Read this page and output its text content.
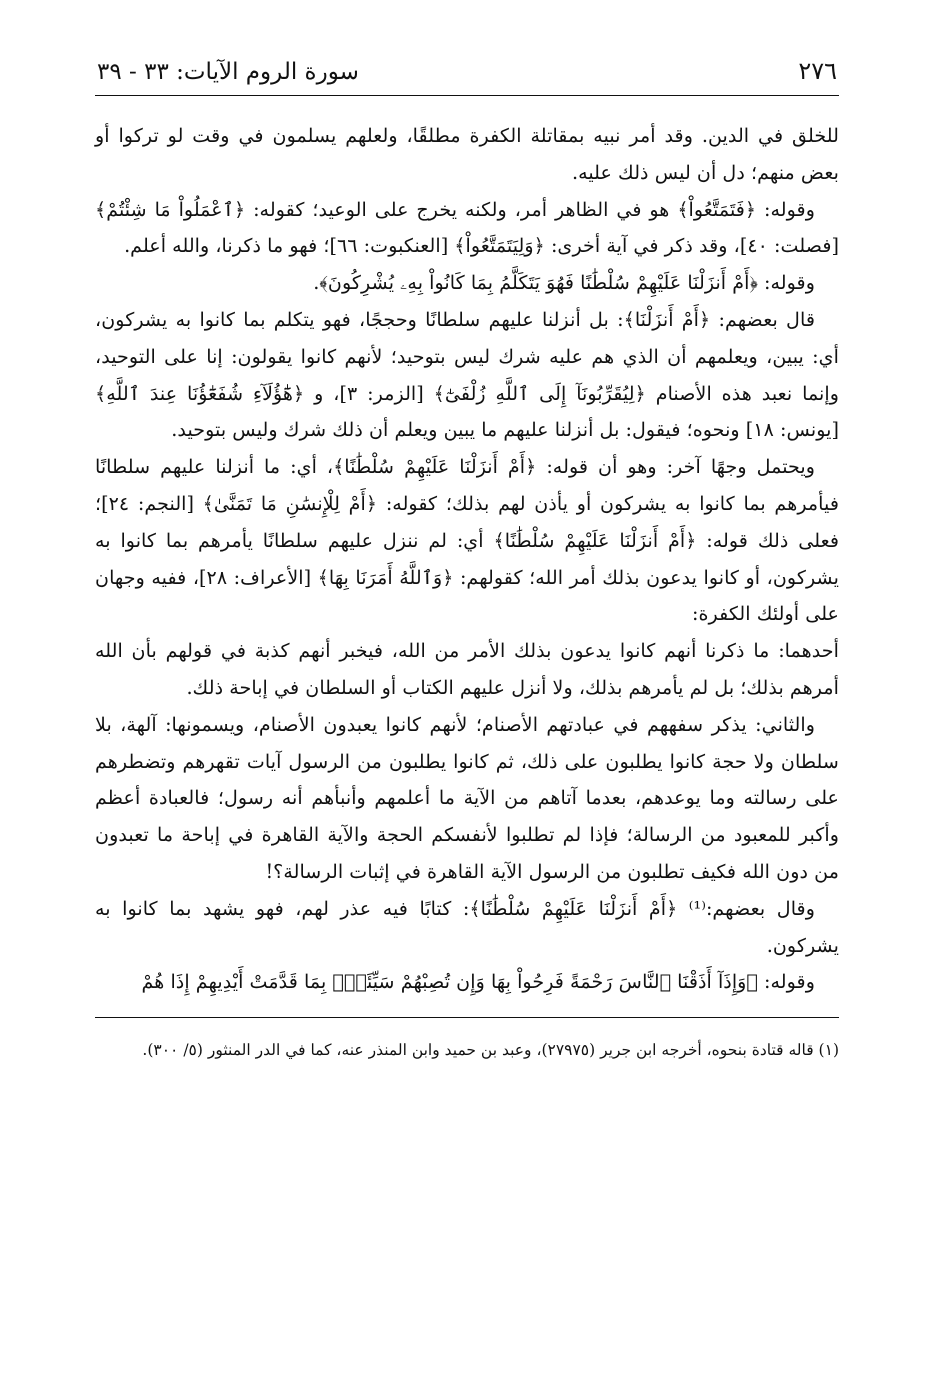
٢٧٦
سورة الروم الآيات: ٣٣ - ٣٩

للخلق في الدين. وقد أمر نبيه بمقاتلة الكفرة مطلقًا، ولعلهم يسلمون في وقت لو تركوا أو بعض منهم؛ دل أن ليس ذلك عليه.

وقوله: ﴿فَتَمَتَّعُواْ﴾ هو في الظاهر أمر، ولكنه يخرج على الوعيد؛ كقوله: ﴿ٱعْمَلُواْ مَا شِئْتُمْ﴾ [فصلت: ٤٠]، وقد ذكر في آية أخرى: ﴿وَلِيَتَمَتَّعُواْ﴾ [العنكبوت: ٦٦]؛ فهو ما ذكرنا، والله أعلم.

وقوله: ﴿أَمْ أَنزَلْنَا عَلَيْهِمْ سُلْطَٰنًا فَهُوَ يَتَكَلَّمُ بِمَا كَانُواْ بِهِۦ يُشْرِكُونَ﴾.

قال بعضهم: ﴿أَمْ أَنزَلْنَا﴾: بل أنزلنا عليهم سلطانًا وحججًا، فهو يتكلم بما كانوا به يشركون، أي: يبين، ويعلمهم أن الذي هم عليه شرك ليس بتوحيد؛ لأنهم كانوا يقولون: إنا على التوحيد، وإنما نعبد هذه الأصنام ﴿لِيُقَرِّبُونَآ إِلَى ٱللَّهِ زُلْفَىٰٓ﴾ [الزمر: ٣]، و ﴿هَٰٓؤُلَآءِ شُفَعَٰٓؤُنَا عِندَ ٱللَّهِ﴾ [يونس: ١٨] ونحوه؛ فيقول: بل أنزلنا عليهم ما يبين ويعلم أن ذلك شرك وليس بتوحيد.

ويحتمل وجهًا آخر: وهو أن قوله: ﴿أَمْ أَنزَلْنَا عَلَيْهِمْ سُلْطَٰنًا﴾، أي: ما أنزلنا عليهم سلطانًا فيأمرهم بما كانوا به يشركون أو يأذن لهم بذلك؛ كقوله: ﴿أَمْ لِلْإِنسَٰنِ مَا تَمَنَّىٰ﴾ [النجم: ٢٤]؛ فعلى ذلك قوله: ﴿أَمْ أَنزَلْنَا عَلَيْهِمْ سُلْطَٰنًا﴾ أي: لم ننزل عليهم سلطانًا يأمرهم بما كانوا به يشركون، أو كانوا يدعون بذلك أمر الله؛ كقولهم: ﴿وَٱللَّهُ أَمَرَنَا بِهَا﴾ [الأعراف: ٢٨]، ففيه وجهان على أولئك الكفرة:

أحدهما: ما ذكرنا أنهم كانوا يدعون بذلك الأمر من الله، فيخبر أنهم كذبة في قولهم بأن الله أمرهم بذلك؛ بل لم يأمرهم بذلك، ولا أنزل عليهم الكتاب أو السلطان في إباحة ذلك.

والثاني: يذكر سفههم في عبادتهم الأصنام؛ لأنهم كانوا يعبدون الأصنام، ويسمونها: آلهة، بلا سلطان ولا حجة كانوا يطلبون على ذلك، ثم كانوا يطلبون من الرسول آيات تقهرهم وتضطرهم على رسالته وما يوعدهم، بعدما آتاهم من الآية ما أعلمهم وأنبأهم أنه رسول؛ فالعبادة أعظم وأكبر للمعبود من الرسالة؛ فإذا لم تطلبوا لأنفسكم الحجة والآية القاهرة في إباحة ما تعبدون من دون الله فكيف تطلبون من الرسول الآية القاهرة في إثبات الرسالة؟!

وقال بعضهم:⁽¹⁾ ﴿أَمْ أَنزَلْنَا عَلَيْهِمْ سُلْطَٰنًا﴾: كتابًا فيه عذر لهم، فهو يشهد بما كانوا به يشركون.

وقوله: ﴿وَإِذَآ أَذَقْنَا ٱلنَّاسَ رَحْمَةً فَرِحُواْ بِهَا وَإِن تُصِبْهُمْ سَيِّئَةٌۢ بِمَا قَدَّمَتْ أَيْدِيهِمْ إِذَا هُمْ

(١) قاله قتادة بنحوه، أخرجه ابن جرير (٢٧٩٧٥)، وعبد بن حميد وابن المنذر عنه، كما في الدر المنثور (٥/ ٣٠٠).
